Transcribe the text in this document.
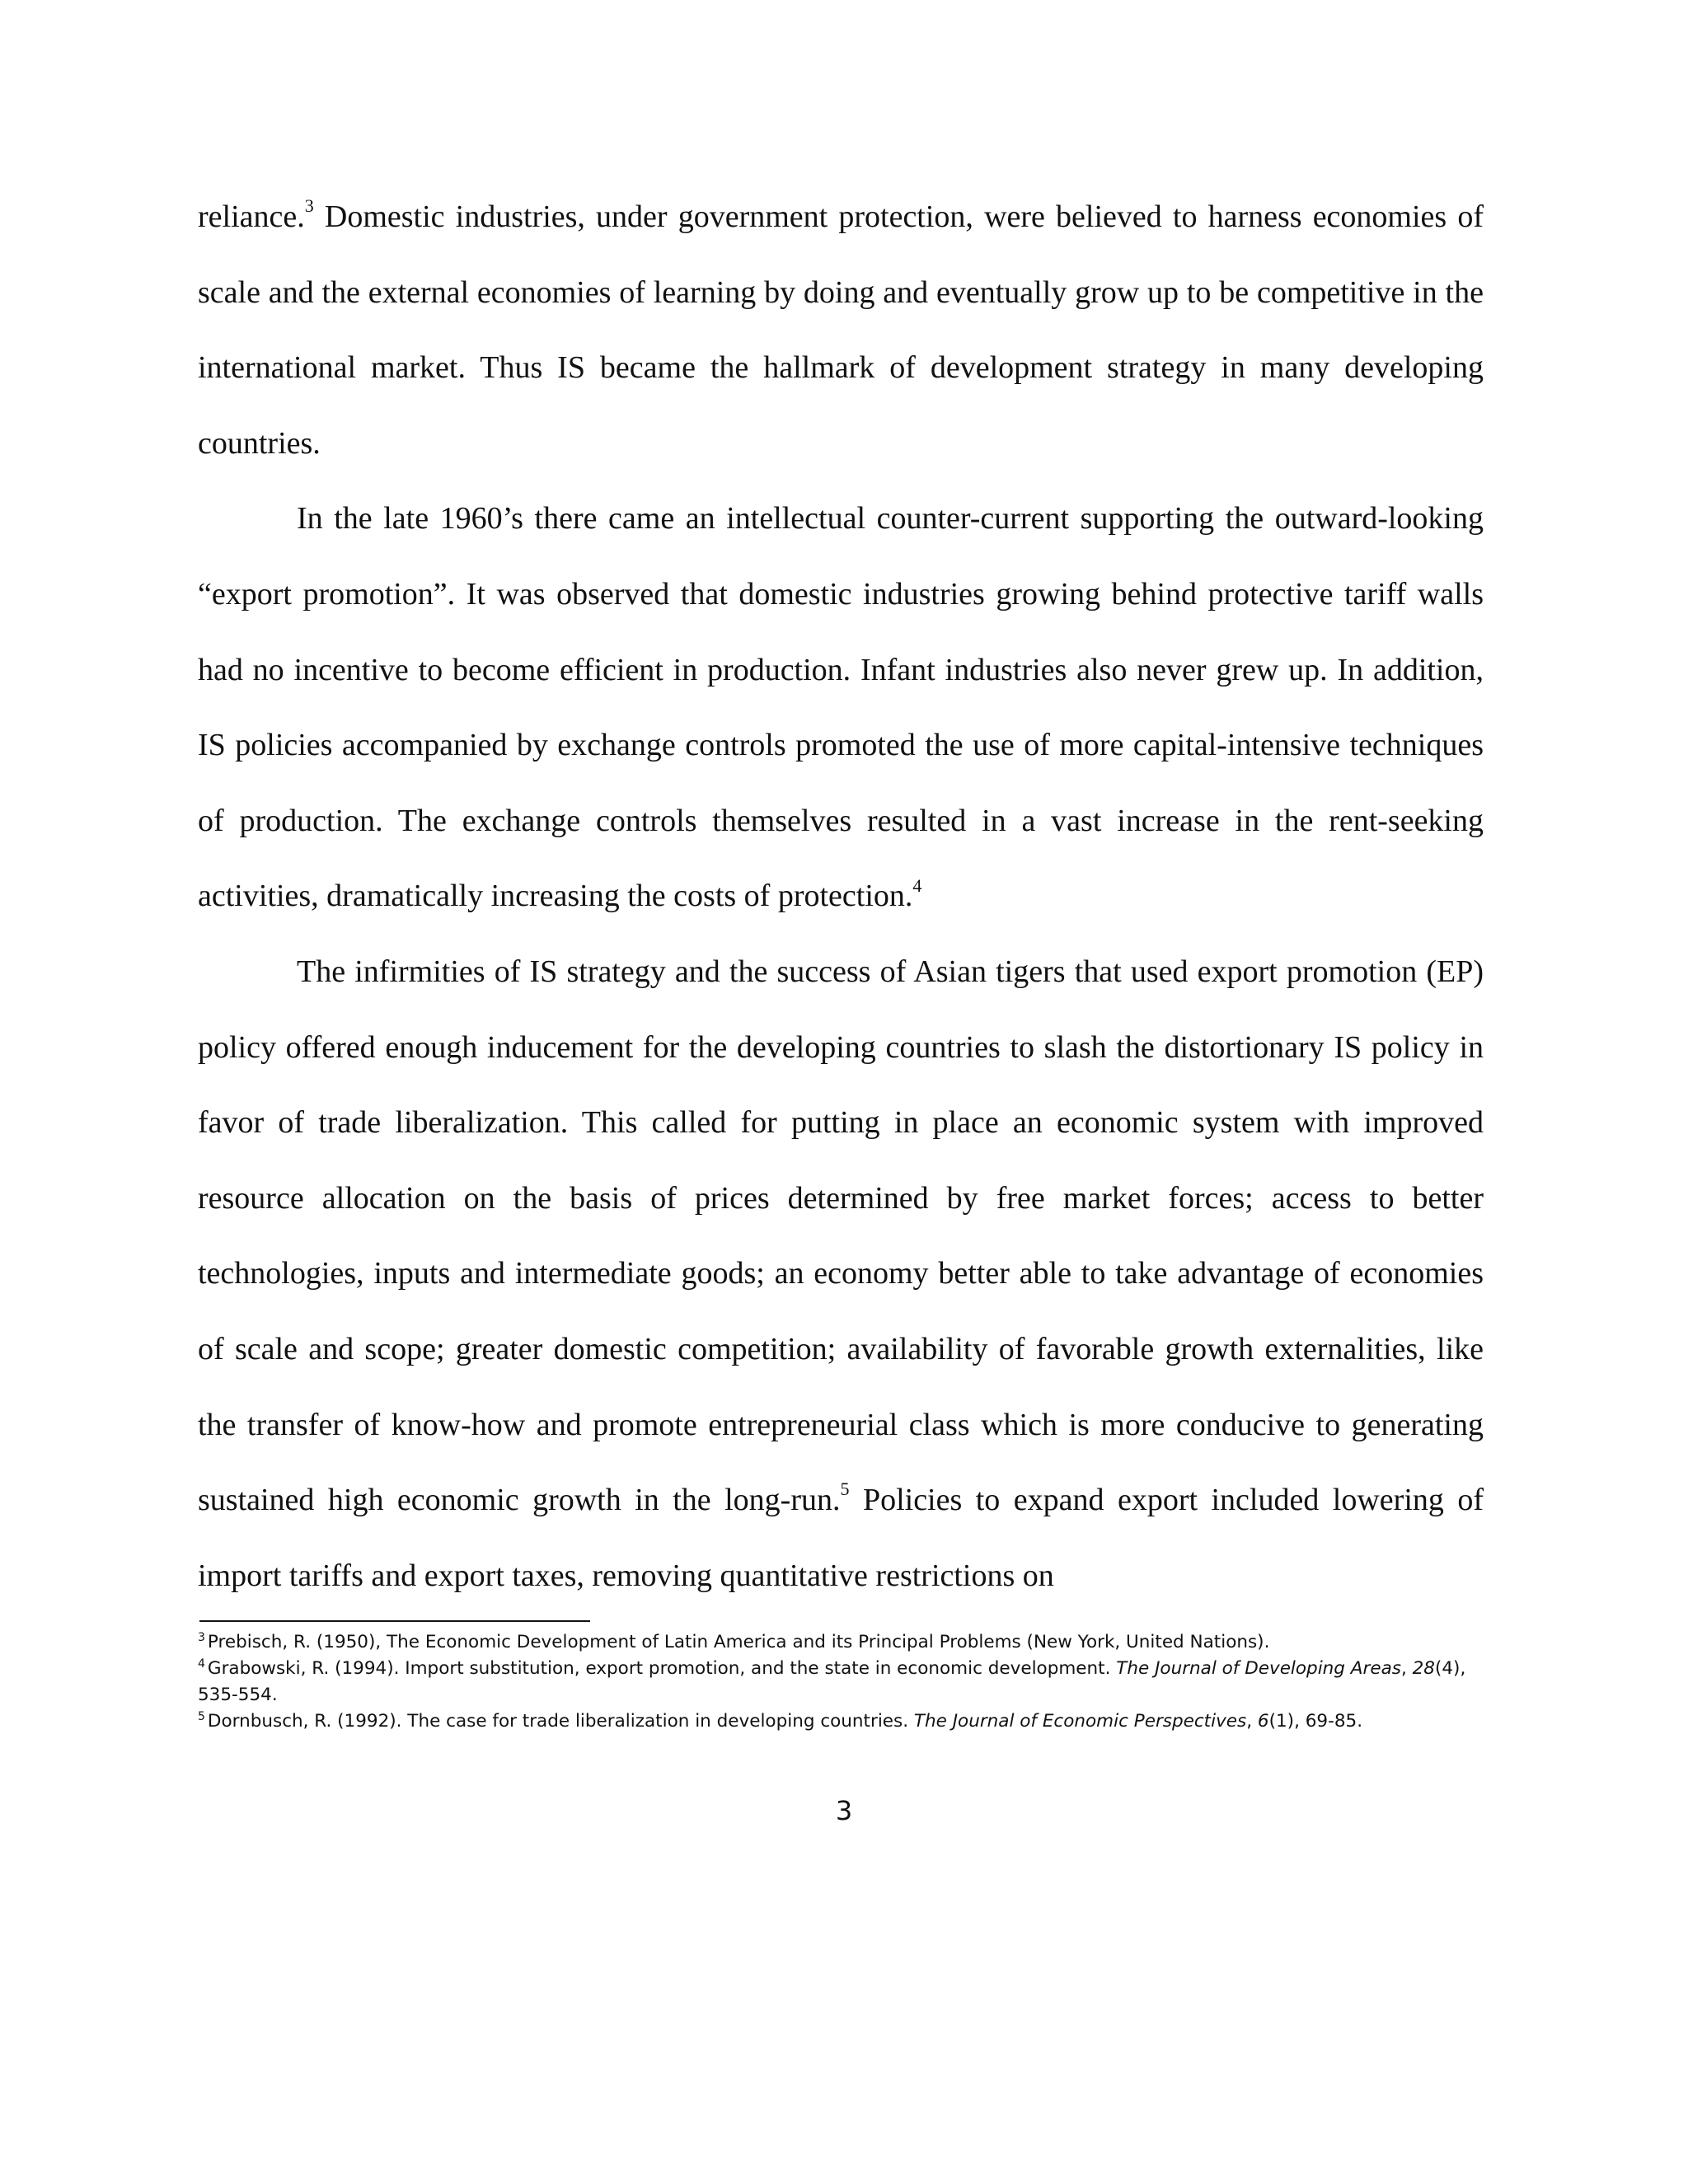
reliance.$^3$ Domestic industries, under government protection, were believed to harness economies of scale and the external economies of learning by doing and eventually grow up to be competitive in the international market. Thus IS became the hallmark of development strategy in many developing countries.

In the late 1960’s there came an intellectual counter-current supporting the outward-looking “export promotion”. It was observed that domestic industries growing behind protective tariff walls had no incentive to become efficient in production. Infant industries also never grew up. In addition, IS policies accompanied by exchange controls promoted the use of more capital-intensive techniques of production. The exchange controls themselves resulted in a vast increase in the rent-seeking activities, dramatically increasing the costs of protection.$^4$

The infirmities of IS strategy and the success of Asian tigers that used export promotion (EP) policy offered enough inducement for the developing countries to slash the distortionary IS policy in favor of trade liberalization. This called for putting in place an economic system with improved resource allocation on the basis of prices determined by free market forces; access to better technologies, inputs and intermediate goods; an economy better able to take advantage of economies of scale and scope; greater domestic competition; availability of favorable growth externalities, like the transfer of know-how and promote entrepreneurial class which is more conducive to generating sustained high economic growth in the long-run.$^5$ Policies to expand export included lowering of import tariffs and export taxes, removing quantitative restrictions on

$^3$ Prebisch, R. (1950), The Economic Development of Latin America and its Principal Problems (New York, United Nations).

$^4$ Grabowski, R. (1994). Import substitution, export promotion, and the state in economic development. The Journal of Developing Areas, 28(4), 535-554.

$^5$ Dornbusch, R. (1992). The case for trade liberalization in developing countries. The Journal of Economic Perspectives, 6(1), 69-85.

3
